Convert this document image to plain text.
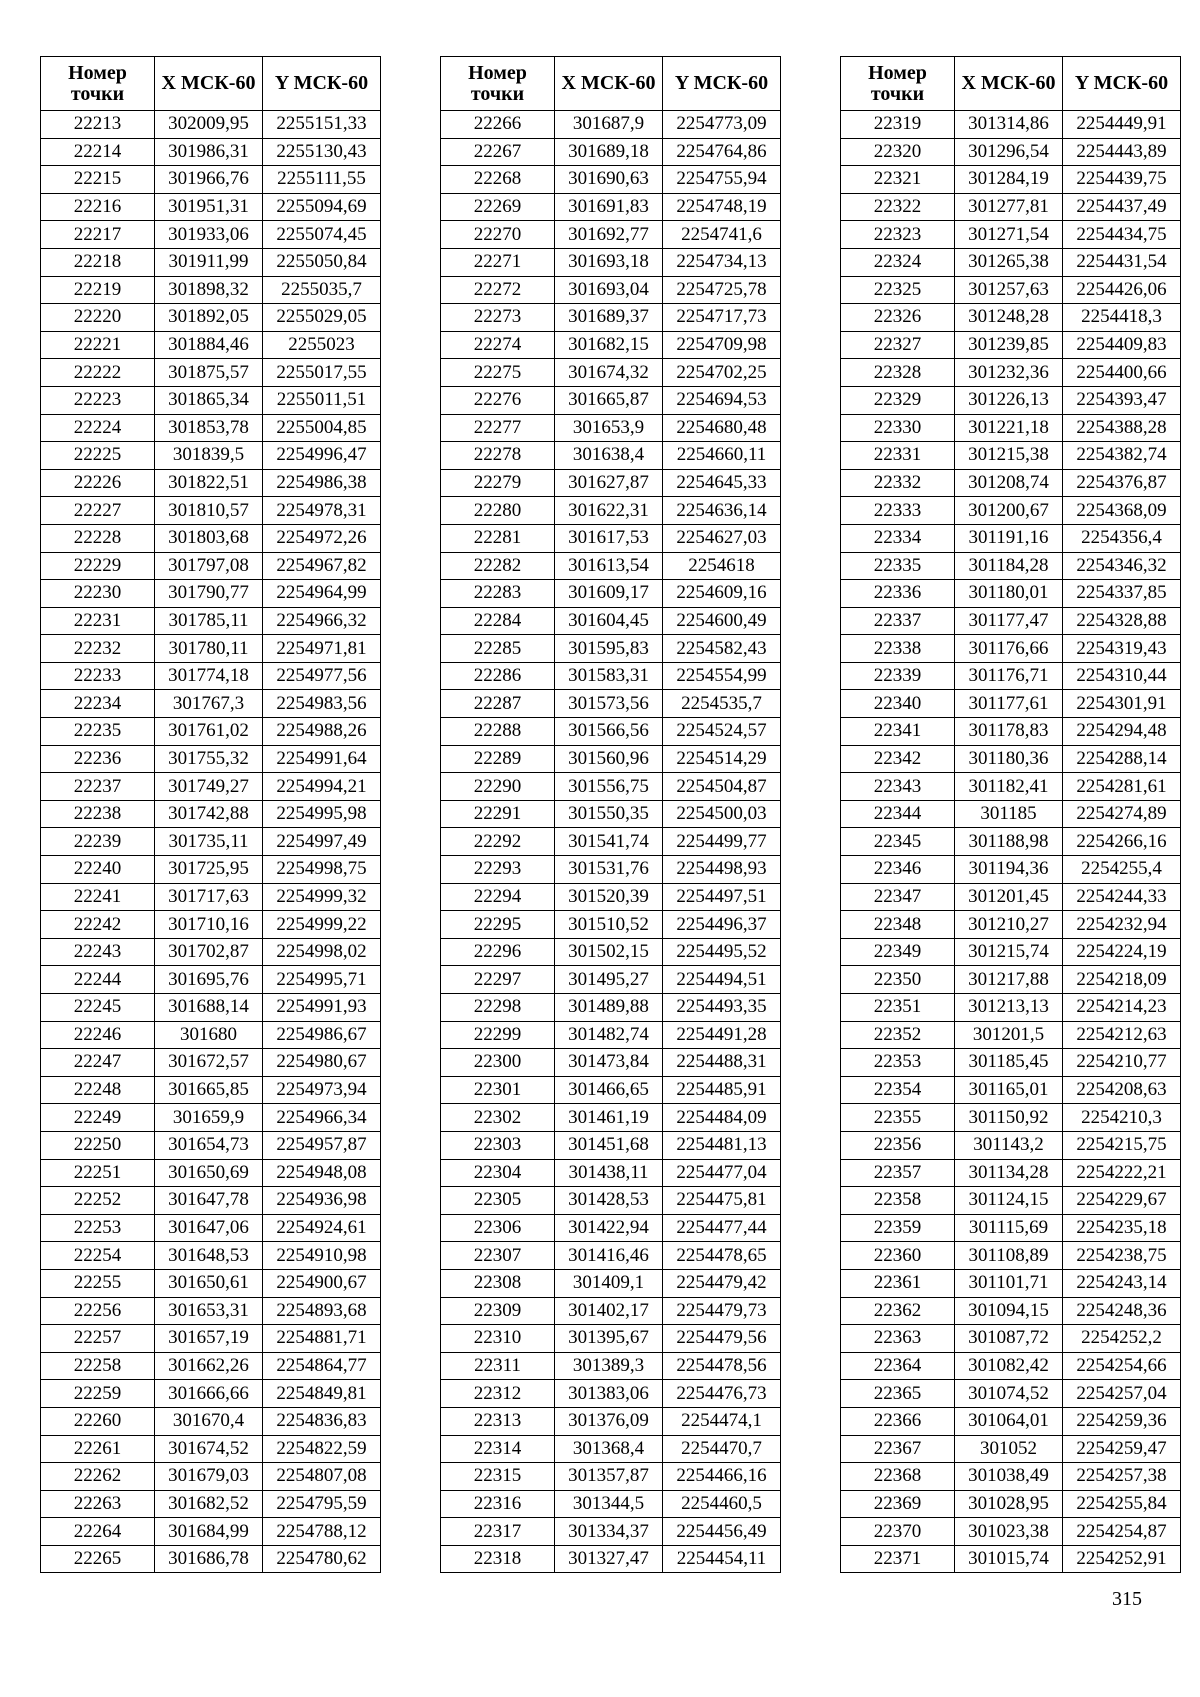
Номер точки	X МСК-60	Y МСК-60
22213	302009,95	2255151,33
22214	301986,31	2255130,43
22215	301966,76	2255111,55
22216	301951,31	2255094,69
22217	301933,06	2255074,45
22218	301911,99	2255050,84
22219	301898,32	2255035,7
22220	301892,05	2255029,05
22221	301884,46	2255023
22222	301875,57	2255017,55
22223	301865,34	2255011,51
22224	301853,78	2255004,85
22225	301839,5	2254996,47
22226	301822,51	2254986,38
22227	301810,57	2254978,31
22228	301803,68	2254972,26
22229	301797,08	2254967,82
22230	301790,77	2254964,99
22231	301785,11	2254966,32
22232	301780,11	2254971,81
22233	301774,18	2254977,56
22234	301767,3	2254983,56
22235	301761,02	2254988,26
22236	301755,32	2254991,64
22237	301749,27	2254994,21
22238	301742,88	2254995,98
22239	301735,11	2254997,49
22240	301725,95	2254998,75
22241	301717,63	2254999,32
22242	301710,16	2254999,22
22243	301702,87	2254998,02
22244	301695,76	2254995,71
22245	301688,14	2254991,93
22246	301680	2254986,67
22247	301672,57	2254980,67
22248	301665,85	2254973,94
22249	301659,9	2254966,34
22250	301654,73	2254957,87
22251	301650,69	2254948,08
22252	301647,78	2254936,98
22253	301647,06	2254924,61
22254	301648,53	2254910,98
22255	301650,61	2254900,67
22256	301653,31	2254893,68
22257	301657,19	2254881,71
22258	301662,26	2254864,77
22259	301666,66	2254849,81
22260	301670,4	2254836,83
22261	301674,52	2254822,59
22262	301679,03	2254807,08
22263	301682,52	2254795,59
22264	301684,99	2254788,12
22265	301686,78	2254780,62
Номер точки	X МСК-60	Y МСК-60
22266	301687,9	2254773,09
22267	301689,18	2254764,86
22268	301690,63	2254755,94
22269	301691,83	2254748,19
22270	301692,77	2254741,6
22271	301693,18	2254734,13
22272	301693,04	2254725,78
22273	301689,37	2254717,73
22274	301682,15	2254709,98
22275	301674,32	2254702,25
22276	301665,87	2254694,53
22277	301653,9	2254680,48
22278	301638,4	2254660,11
22279	301627,87	2254645,33
22280	301622,31	2254636,14
22281	301617,53	2254627,03
22282	301613,54	2254618
22283	301609,17	2254609,16
22284	301604,45	2254600,49
22285	301595,83	2254582,43
22286	301583,31	2254554,99
22287	301573,56	2254535,7
22288	301566,56	2254524,57
22289	301560,96	2254514,29
22290	301556,75	2254504,87
22291	301550,35	2254500,03
22292	301541,74	2254499,77
22293	301531,76	2254498,93
22294	301520,39	2254497,51
22295	301510,52	2254496,37
22296	301502,15	2254495,52
22297	301495,27	2254494,51
22298	301489,88	2254493,35
22299	301482,74	2254491,28
22300	301473,84	2254488,31
22301	301466,65	2254485,91
22302	301461,19	2254484,09
22303	301451,68	2254481,13
22304	301438,11	2254477,04
22305	301428,53	2254475,81
22306	301422,94	2254477,44
22307	301416,46	2254478,65
22308	301409,1	2254479,42
22309	301402,17	2254479,73
22310	301395,67	2254479,56
22311	301389,3	2254478,56
22312	301383,06	2254476,73
22313	301376,09	2254474,1
22314	301368,4	2254470,7
22315	301357,87	2254466,16
22316	301344,5	2254460,5
22317	301334,37	2254456,49
22318	301327,47	2254454,11
Номер точки	X МСК-60	Y МСК-60
22319	301314,86	2254449,91
22320	301296,54	2254443,89
22321	301284,19	2254439,75
22322	301277,81	2254437,49
22323	301271,54	2254434,75
22324	301265,38	2254431,54
22325	301257,63	2254426,06
22326	301248,28	2254418,3
22327	301239,85	2254409,83
22328	301232,36	2254400,66
22329	301226,13	2254393,47
22330	301221,18	2254388,28
22331	301215,38	2254382,74
22332	301208,74	2254376,87
22333	301200,67	2254368,09
22334	301191,16	2254356,4
22335	301184,28	2254346,32
22336	301180,01	2254337,85
22337	301177,47	2254328,88
22338	301176,66	2254319,43
22339	301176,71	2254310,44
22340	301177,61	2254301,91
22341	301178,83	2254294,48
22342	301180,36	2254288,14
22343	301182,41	2254281,61
22344	301185	2254274,89
22345	301188,98	2254266,16
22346	301194,36	2254255,4
22347	301201,45	2254244,33
22348	301210,27	2254232,94
22349	301215,74	2254224,19
22350	301217,88	2254218,09
22351	301213,13	2254214,23
22352	301201,5	2254212,63
22353	301185,45	2254210,77
22354	301165,01	2254208,63
22355	301150,92	2254210,3
22356	301143,2	2254215,75
22357	301134,28	2254222,21
22358	301124,15	2254229,67
22359	301115,69	2254235,18
22360	301108,89	2254238,75
22361	301101,71	2254243,14
22362	301094,15	2254248,36
22363	301087,72	2254252,2
22364	301082,42	2254254,66
22365	301074,52	2254257,04
22366	301064,01	2254259,36
22367	301052	2254259,47
22368	301038,49	2254257,38
22369	301028,95	2254255,84
22370	301023,38	2254254,87
22371	301015,74	2254252,91
315
